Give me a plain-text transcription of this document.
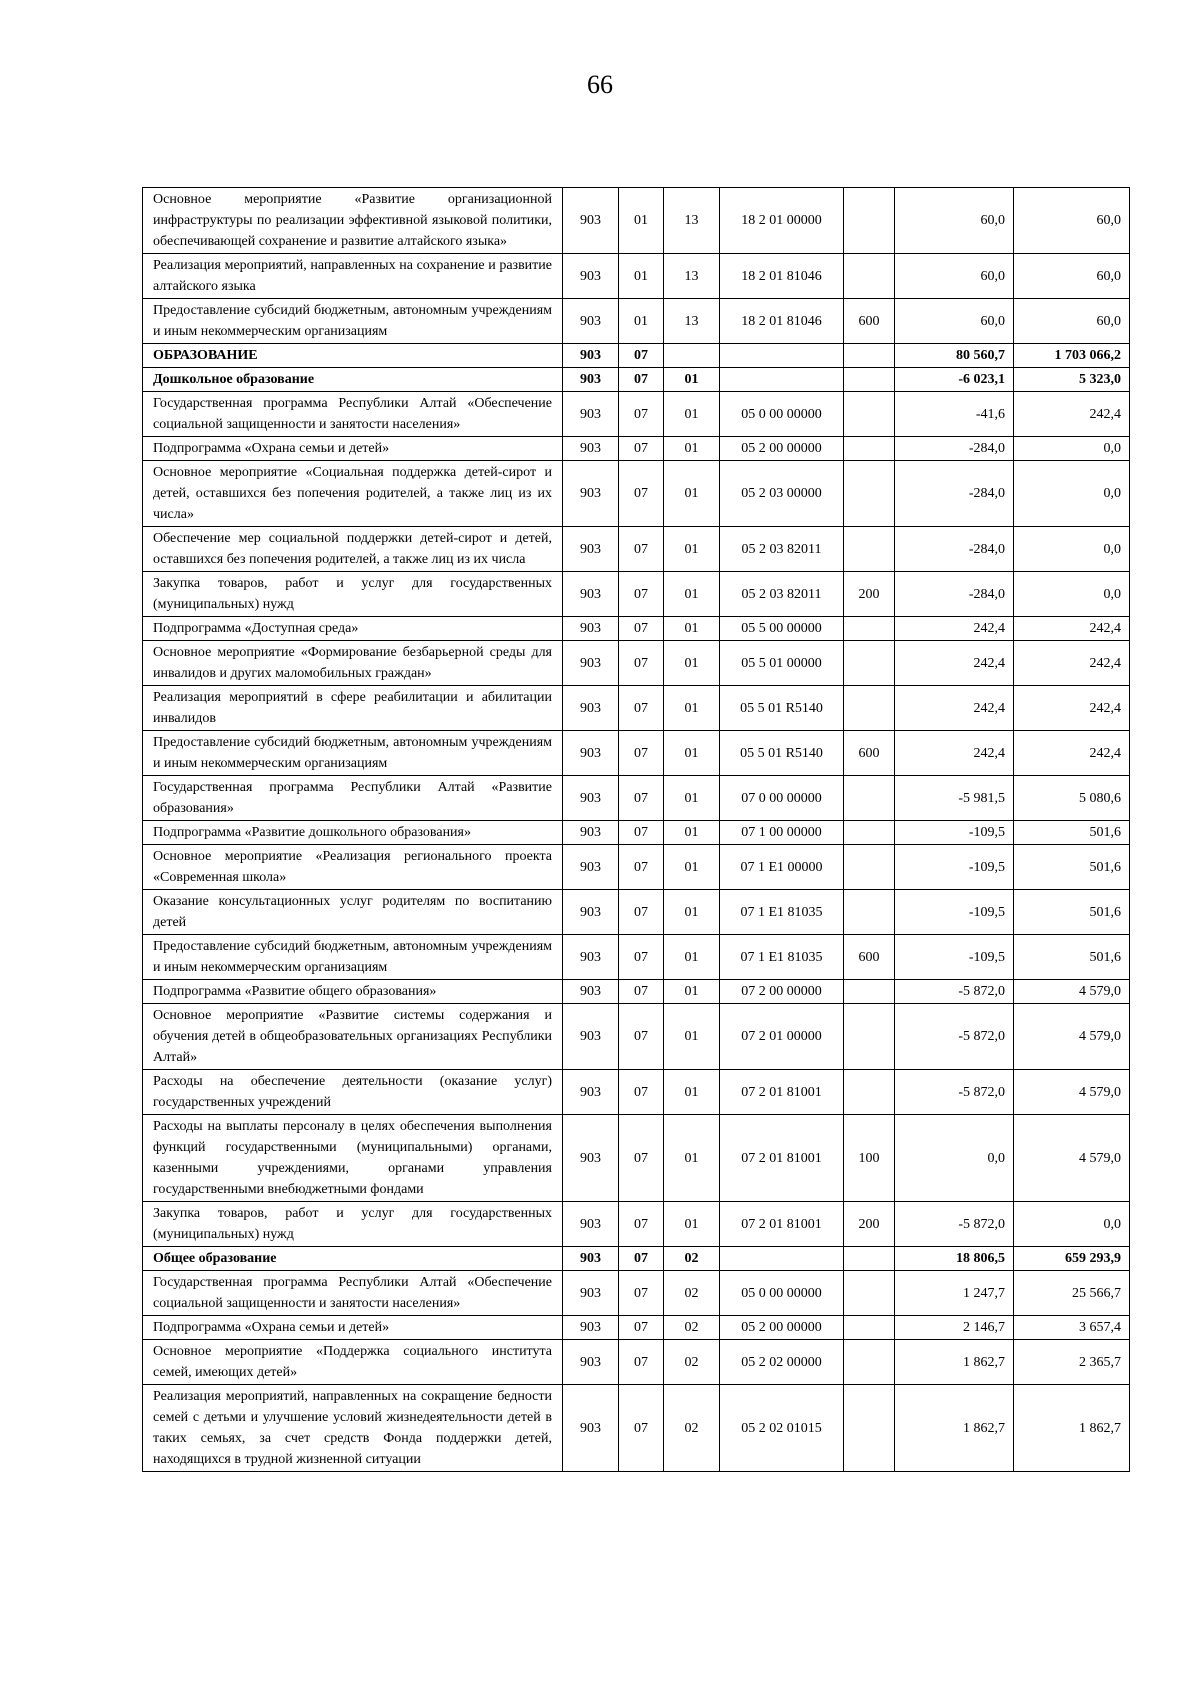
66
Основное мероприятие «Развитие организационной инфраструктуры по реализации эффективной языковой политики, обеспечивающей сохранение и развитие алтайского языка»	903	01	13	18 2 01 00000		60,0	60,0
Реализация мероприятий, направленных на сохранение и развитие алтайского языка	903	01	13	18 2 01 81046		60,0	60,0
Предоставление субсидий бюджетным, автономным учреждениям и иным некоммерческим организациям	903	01	13	18 2 01 81046	600	60,0	60,0
ОБРАЗОВАНИЕ	903	07				80 560,7	1 703 066,2
Дошкольное образование	903	07	01			-6 023,1	5 323,0
Государственная программа Республики Алтай «Обеспечение социальной защищенности и занятости населения»	903	07	01	05 0 00 00000		-41,6	242,4
Подпрограмма «Охрана семьи и детей»	903	07	01	05 2 00 00000		-284,0	0,0
Основное мероприятие «Социальная поддержка детей-сирот и детей, оставшихся без попечения родителей, а также лиц из их числа»	903	07	01	05 2 03 00000		-284,0	0,0
Обеспечение мер социальной поддержки детей-сирот и детей, оставшихся без попечения родителей, а также лиц из их числа	903	07	01	05 2 03 82011		-284,0	0,0
Закупка товаров, работ и услуг для государственных (муниципальных) нужд	903	07	01	05 2 03 82011	200	-284,0	0,0
Подпрограмма «Доступная среда»	903	07	01	05 5 00 00000		242,4	242,4
Основное мероприятие «Формирование безбарьерной среды для инвалидов и других маломобильных граждан»	903	07	01	05 5 01 00000		242,4	242,4
Реализация мероприятий в сфере реабилитации и абилитации инвалидов	903	07	01	05 5 01 R5140		242,4	242,4
Предоставление субсидий бюджетным, автономным учреждениям и иным некоммерческим организациям	903	07	01	05 5 01 R5140	600	242,4	242,4
Государственная программа Республики Алтай «Развитие образования»	903	07	01	07 0 00 00000		-5 981,5	5 080,6
Подпрограмма «Развитие дошкольного образования»	903	07	01	07 1 00 00000		-109,5	501,6
Основное мероприятие «Реализация регионального проекта «Современная школа»	903	07	01	07 1 E1 00000		-109,5	501,6
Оказание консультационных услуг родителям по воспитанию детей	903	07	01	07 1 E1 81035		-109,5	501,6
Предоставление субсидий бюджетным, автономным учреждениям и иным некоммерческим организациям	903	07	01	07 1 E1 81035	600	-109,5	501,6
Подпрограмма «Развитие общего образования»	903	07	01	07 2 00 00000		-5 872,0	4 579,0
Основное мероприятие «Развитие системы содержания и обучения детей в общеобразовательных организациях Республики Алтай»	903	07	01	07 2 01 00000		-5 872,0	4 579,0
Расходы на обеспечение деятельности (оказание услуг) государственных учреждений	903	07	01	07 2 01 81001		-5 872,0	4 579,0
Расходы на выплаты персоналу в целях обеспечения выполнения функций государственными (муниципальными) органами, казенными учреждениями, органами управления государственными внебюджетными фондами	903	07	01	07 2 01 81001	100	0,0	4 579,0
Закупка товаров, работ и услуг для государственных (муниципальных) нужд	903	07	01	07 2 01 81001	200	-5 872,0	0,0
Общее образование	903	07	02			18 806,5	659 293,9
Государственная программа Республики Алтай «Обеспечение социальной защищенности и занятости населения»	903	07	02	05 0 00 00000		1 247,7	25 566,7
Подпрограмма «Охрана семьи и детей»	903	07	02	05 2 00 00000		2 146,7	3 657,4
Основное мероприятие «Поддержка социального института семей, имеющих детей»	903	07	02	05 2 02 00000		1 862,7	2 365,7
Реализация мероприятий, направленных на сокращение бедности семей с детьми и улучшение условий жизнедеятельности детей в таких семьях, за счет средств Фонда поддержки детей, находящихся в трудной жизненной ситуации	903	07	02	05 2 02 01015		1 862,7	1 862,7
